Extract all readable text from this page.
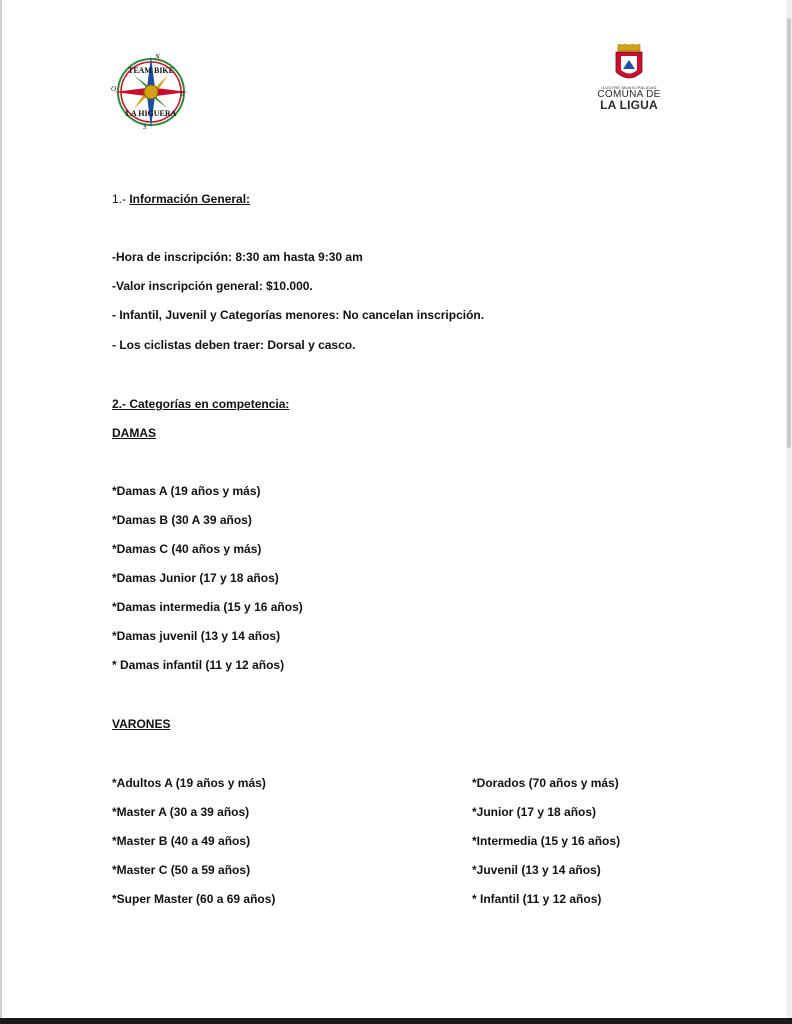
TEAM BIKE
LA HIGUERA
N
E
S
O	ILUSTRE MUNICIPALIDAD
COMUNA DE
LA LIGUA
1.- Información General:
-Hora de inscripción: 8:30 am hasta 9:30 am
-Valor inscripción general: $10.000.
- Infantil, Juvenil y Categorías menores: No cancelan inscripción.
- Los ciclistas deben traer: Dorsal y casco.
2.- Categorías en competencia:
DAMAS
*Damas A (19 años y más)
*Damas B (30 A 39 años)
*Damas C (40 años y más)
*Damas Junior (17 y 18 años)
*Damas intermedia (15 y 16 años)
*Damas juvenil (13 y 14 años)
* Damas infantil (11 y 12 años)
VARONES
*Adultos A (19 años y más)
*Master A (30 a 39 años)
*Master B (40 a 49 años)
*Master C (50 a 59 años)
*Super Master (60 a 69 años)
*Dorados (70 años y más)
*Junior (17 y 18 años)
*Intermedia (15 y 16 años)
*Juvenil (13 y 14 años)
* Infantil (11 y 12 años)
